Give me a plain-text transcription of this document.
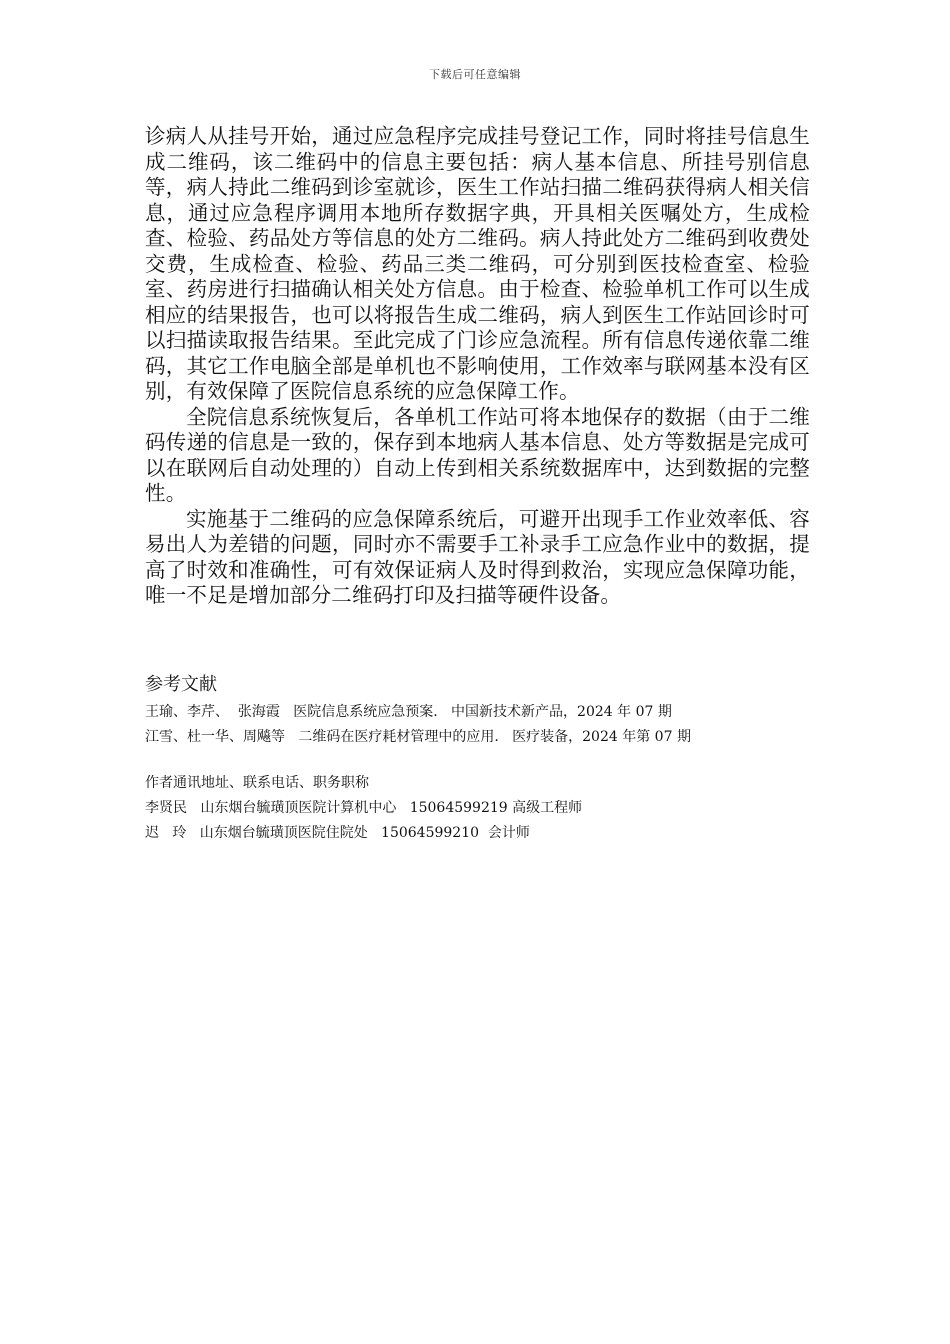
下载后可任意编辑

诊病人从挂号开始，通过应急程序完成挂号登记工作，同时将挂号信息生成二维码，该二维码中的信息主要包括：病人基本信息、所挂号别信息等，病人持此二维码到诊室就诊，医生工作站扫描二维码获得病人相关信息，通过应急程序调用本地所存数据字典，开具相关医嘱处方，生成检查、检验、药品处方等信息的处方二维码。病人持此处方二维码到收费处交费，生成检查、检验、药品三类二维码，可分别到医技检查室、检验室、药房进行扫描确认相关处方信息。由于检查、检验单机工作可以生成相应的结果报告，也可以将报告生成二维码，病人到医生工作站回诊时可以扫描读取报告结果。至此完成了门诊应急流程。所有信息传递依靠二维码，其它工作电脑全部是单机也不影响使用，工作效率与联网基本没有区别，有效保障了医院信息系统的应急保障工作。

全院信息系统恢复后，各单机工作站可将本地保存的数据（由于二维码传递的信息是一致的，保存到本地病人基本信息、处方等数据是完成可以在联网后自动处理的）自动上传到相关系统数据库中，达到数据的完整性。

实施基于二维码的应急保障系统后，可避开出现手工作业效率低、容易出人为差错的问题，同时亦不需要手工补录手工应急作业中的数据，提高了时效和准确性，可有效保证病人及时得到救治，实现应急保障功能，唯一不足是增加部分二维码打印及扫描等硬件设备。

参考文献

王瑜、李芹、  张海霞   医院信息系统应急预案.   中国新技术新产品，2024 年 07 期

江雪、杜一华、周飚等   二维码在医疗耗材管理中的应用.   医疗装备，2024 年第 07 期

作者通讯地址、联系电话、职务职称

李贤民   山东烟台毓璜顶医院计算机中心   15064599219 高级工程师

迟   玲   山东烟台毓璜顶医院住院处   15064599210  会计师
